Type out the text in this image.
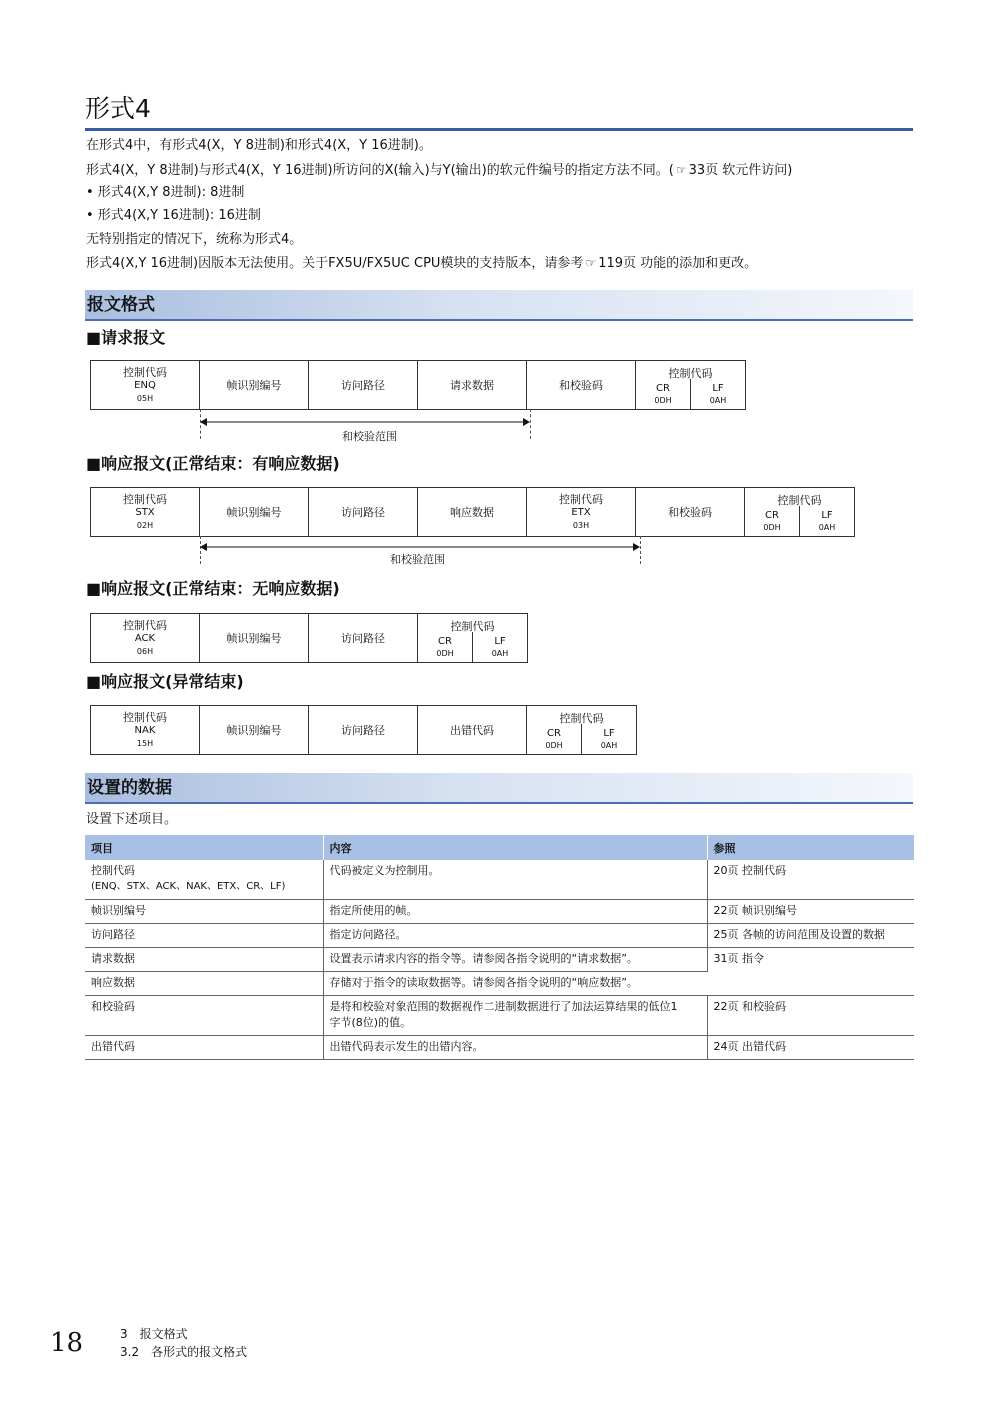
形式4
在形式4中，有形式4(X，Y 8进制)和形式4(X，Y 16进制)。
形式4(X，Y 8进制)与形式4(X，Y 16进制)所访问的X(输入)与Y(输出)的软元件编号的指定方法不同。( ☞ 33页 软元件访问)
• 形式4(X,Y 8进制): 8进制
• 形式4(X,Y 16进制): 16进制
无特别指定的情况下，统称为形式4。
形式4(X,Y 16进制)因版本无法使用。关于FX5U/FX5UC CPU模块的支持版本，请参考 ☞ 119页 功能的添加和更改。
报文格式
■请求报文
控制代码
ENQ
05H
帧识别编号	访问路径	请求数据	和校验码
控制代码
CR
0DH
LF
0AH
和校验范围
■响应报文(正常结束：有响应数据)
控制代码
STX
02H
帧识别编号	访问路径	响应数据
控制代码
ETX
03H
和校验码
控制代码
CR
0DH
LF
0AH
和校验范围
■响应报文(正常结束：无响应数据)
控制代码
ACK
06H
帧识别编号	访问路径
控制代码
CR
0DH
LF
0AH
■响应报文(异常结束)
控制代码
NAK
15H
帧识别编号	访问路径	出错代码
控制代码
CR
0DH
LF
0AH
设置的数据
设置下述项目。
项目	内容	参照

控制代码
(ENQ、STX、ACK、NAK、ETX、CR、LF)	代码被定义为控制用。	20页 控制代码
帧识别编号	指定所使用的帧。	22页 帧识别编号
访问路径	指定访问路径。	25页 各帧的访问范围及设置的数据
请求数据	设置表示请求内容的指令等。请参阅各指令说明的“请求数据”。	31页 指令
响应数据	存储对于指令的读取数据等。请参阅各指令说明的“响应数据”。	
和校验码	是将和校验对象范围的数据视作二进制数据进行了加法运算结果的低位1
字节(8位)的值。	22页 和校验码
出错代码	出错代码表示发生的出错内容。	24页 出错代码
18	3　报文格式
3.2　各形式的报文格式
